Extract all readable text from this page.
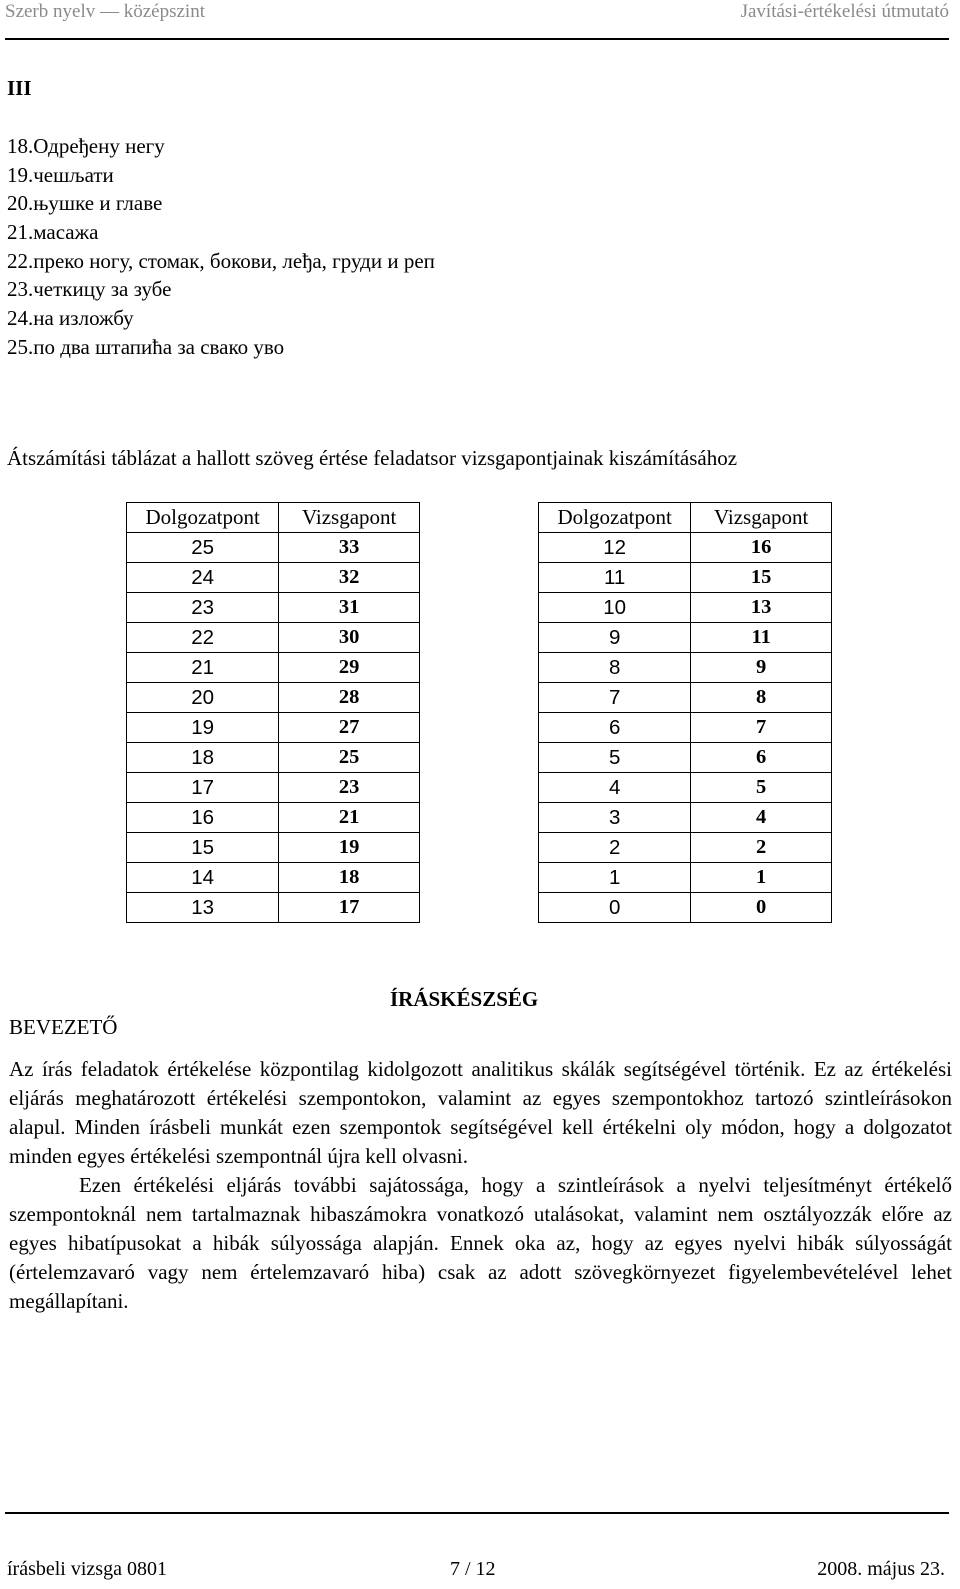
Szerb nyelv — középszint	Javítási-értékelési útmutató
III
18.Одређену негу
19.чешљати
20.њушке и главе
21.масажа
22.преко ногу, стомак, бокови, леђа, груди и реп
23.четкицу за зубе
24.на изложбу
25.по два штапића за свако уво
Átszámítási táblázat a hallott szöveg értése feladatsor vizsgapontjainak kiszámításához
Dolgozatpont	Vizsgapont
25	33
24	32
23	31
22	30
21	29
20	28
19	27
18	25
17	23
16	21
15	19
14	18
13	17
Dolgozatpont	Vizsgapont
12	16
11	15
10	13
9	11
8	9
7	8
6	7
5	6
4	5
3	4
2	2
1	1
0	0
ÍRÁSKÉSZSÉG
BEVEZETŐ

Az írás feladatok értékelése központilag kidolgozott analitikus skálák segítségével történik. Ez az értékelési eljárás meghatározott értékelési szempontokon, valamint az egyes szempontokhoz tartozó szintleírásokon alapul. Minden írásbeli munkát ezen szempontok segítségével kell értékelni oly módon, hogy a dolgozatot minden egyes értékelési szempontnál újra kell olvasni.

Ezen értékelési eljárás további sajátossága, hogy a szintleírások a nyelvi teljesítményt értékelő szempontoknál nem tartalmaznak hibaszámokra vonatkozó utalásokat, valamint nem osztályozzák előre az egyes hibatípusokat a hibák súlyossága alapján. Ennek oka az, hogy az egyes nyelvi hibák súlyosságát (értelemzavaró vagy nem értelemzavaró hiba) csak az adott szövegkörnyezet figyelembevételével lehet megállapítani.

írásbeli vizsga 0801	7 / 12	2008. május 23.
